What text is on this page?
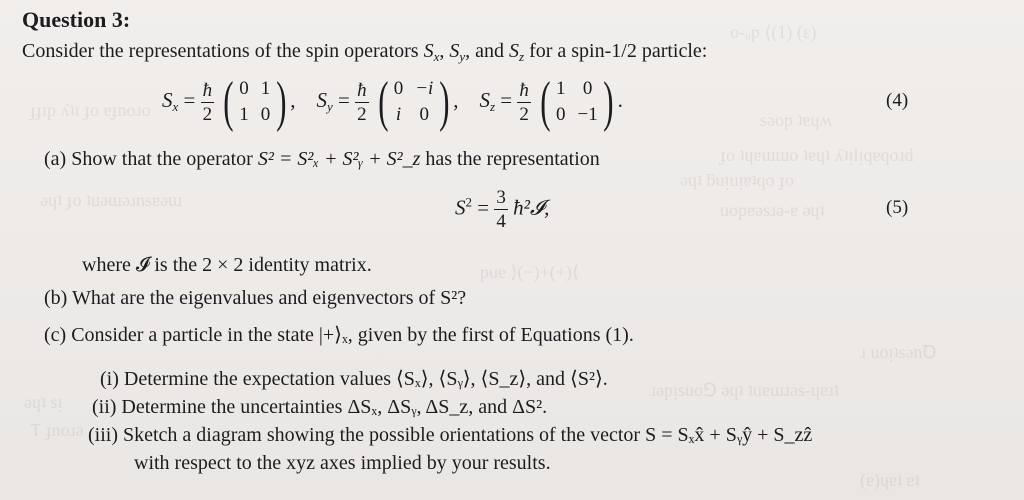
o-ᵤp ⟨(1) (ε)
ɟɟɪp ʎʇɪ ɟo ɐɟnoɹo	sǝop ʇɐɥʍ
ɟo ʇɥɐɯɯo ʇɐɥʇ ʎʇᴉlᴉqɐqoɹd
ǝɥʇ ƃuᴉuᴉɐʇqo ɟo
ǝɥʇ ɟo ʇuǝɯǝɹnsɐǝɯ	uopɐǝsɹǝ-ɐ ǝɥʇ
pue ⟩(−)+(+)⟨
ɹ uoᴉʇsǝnꝹ
ɹǝpᴉsuo⅁ ǝɥʇ ʇuɐɯɹǝs-ɥɐɹʇ
ǝɥʇ sᴉ
Ⲧ ɟnoɹǝ
(ɐ)ɥɐʇ ɐʇ
Question 3:
Consider the representations of the spin operators $S_x$, $S_y$, and $S_z$ for a spin-1/2 particle:
$S_x = \frac{ħ}{2}$ ( 0 1
1 0 ) ,    $S_y = \frac{ħ}{2}$ ( 0 −i
i 0 ) ,    $S_z = \frac{ħ}{2}$ ( 1 0
0 −1 ) .	(4)
(a) Show that the operator S² = S²ₓ + S²ᵧ + S²_z has the representation
$S^2 = \frac{3}{4}$ ħ²𝓘,	(5)
where 𝓘 is the 2 × 2 identity matrix.
(b) What are the eigenvalues and eigenvectors of S²?
(c) Consider a particle in the state |+⟩ₓ, given by the first of Equations (1).
(i) Determine the expectation values ⟨Sₓ⟩, ⟨Sᵧ⟩, ⟨S_z⟩, and ⟨S²⟩.
(ii) Determine the uncertainties ΔSₓ, ΔSᵧ, ΔS_z, and ΔS².
(iii) Sketch a diagram showing the possible orientations of the vector S = Sₓx̂ + Sᵧŷ + S_zẑ
with respect to the xyz axes implied by your results.
